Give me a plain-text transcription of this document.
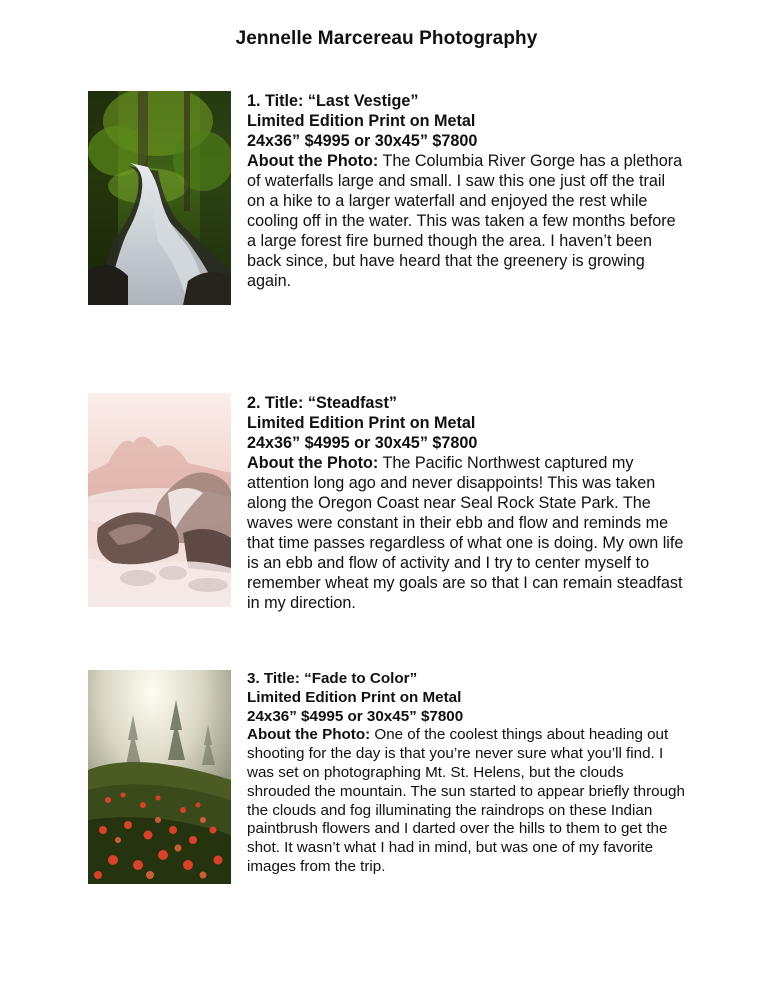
Jennelle Marcereau Photography
1. Title: “Last Vestige”
Limited Edition Print on Metal
24x36” $4995 or 30x45” $7800
About the Photo: The Columbia River Gorge has a plethora of waterfalls large and small. I saw this one just off the trail on a hike to a larger waterfall and enjoyed the rest while cooling off in the water. This was taken a few months before a large forest fire burned though the area. I haven’t been back since, but have heard that the greenery is growing again.
2. Title: “Steadfast”
Limited Edition Print on Metal
24x36” $4995 or 30x45” $7800
About the Photo: The Pacific Northwest captured my attention long ago and never disappoints! This was taken along the Oregon Coast near Seal Rock State Park. The waves were constant in their ebb and flow and reminds me that time passes regardless of what one is doing. My own life is an ebb and flow of activity and I try to center myself to remember wheat my goals are so that I can remain steadfast in my direction.
3. Title: “Fade to Color”
Limited Edition Print on Metal
24x36” $4995 or 30x45” $7800
About the Photo: One of the coolest things about heading out shooting for the day is that you’re never sure what you’ll find. I was set on photographing Mt. St. Helens, but the clouds shrouded the mountain. The sun started to appear briefly through the clouds and fog illuminating the raindrops on these Indian paintbrush flowers and I darted over the hills to them to get the shot. It wasn’t what I had in mind, but was one of my favorite images from the trip.
